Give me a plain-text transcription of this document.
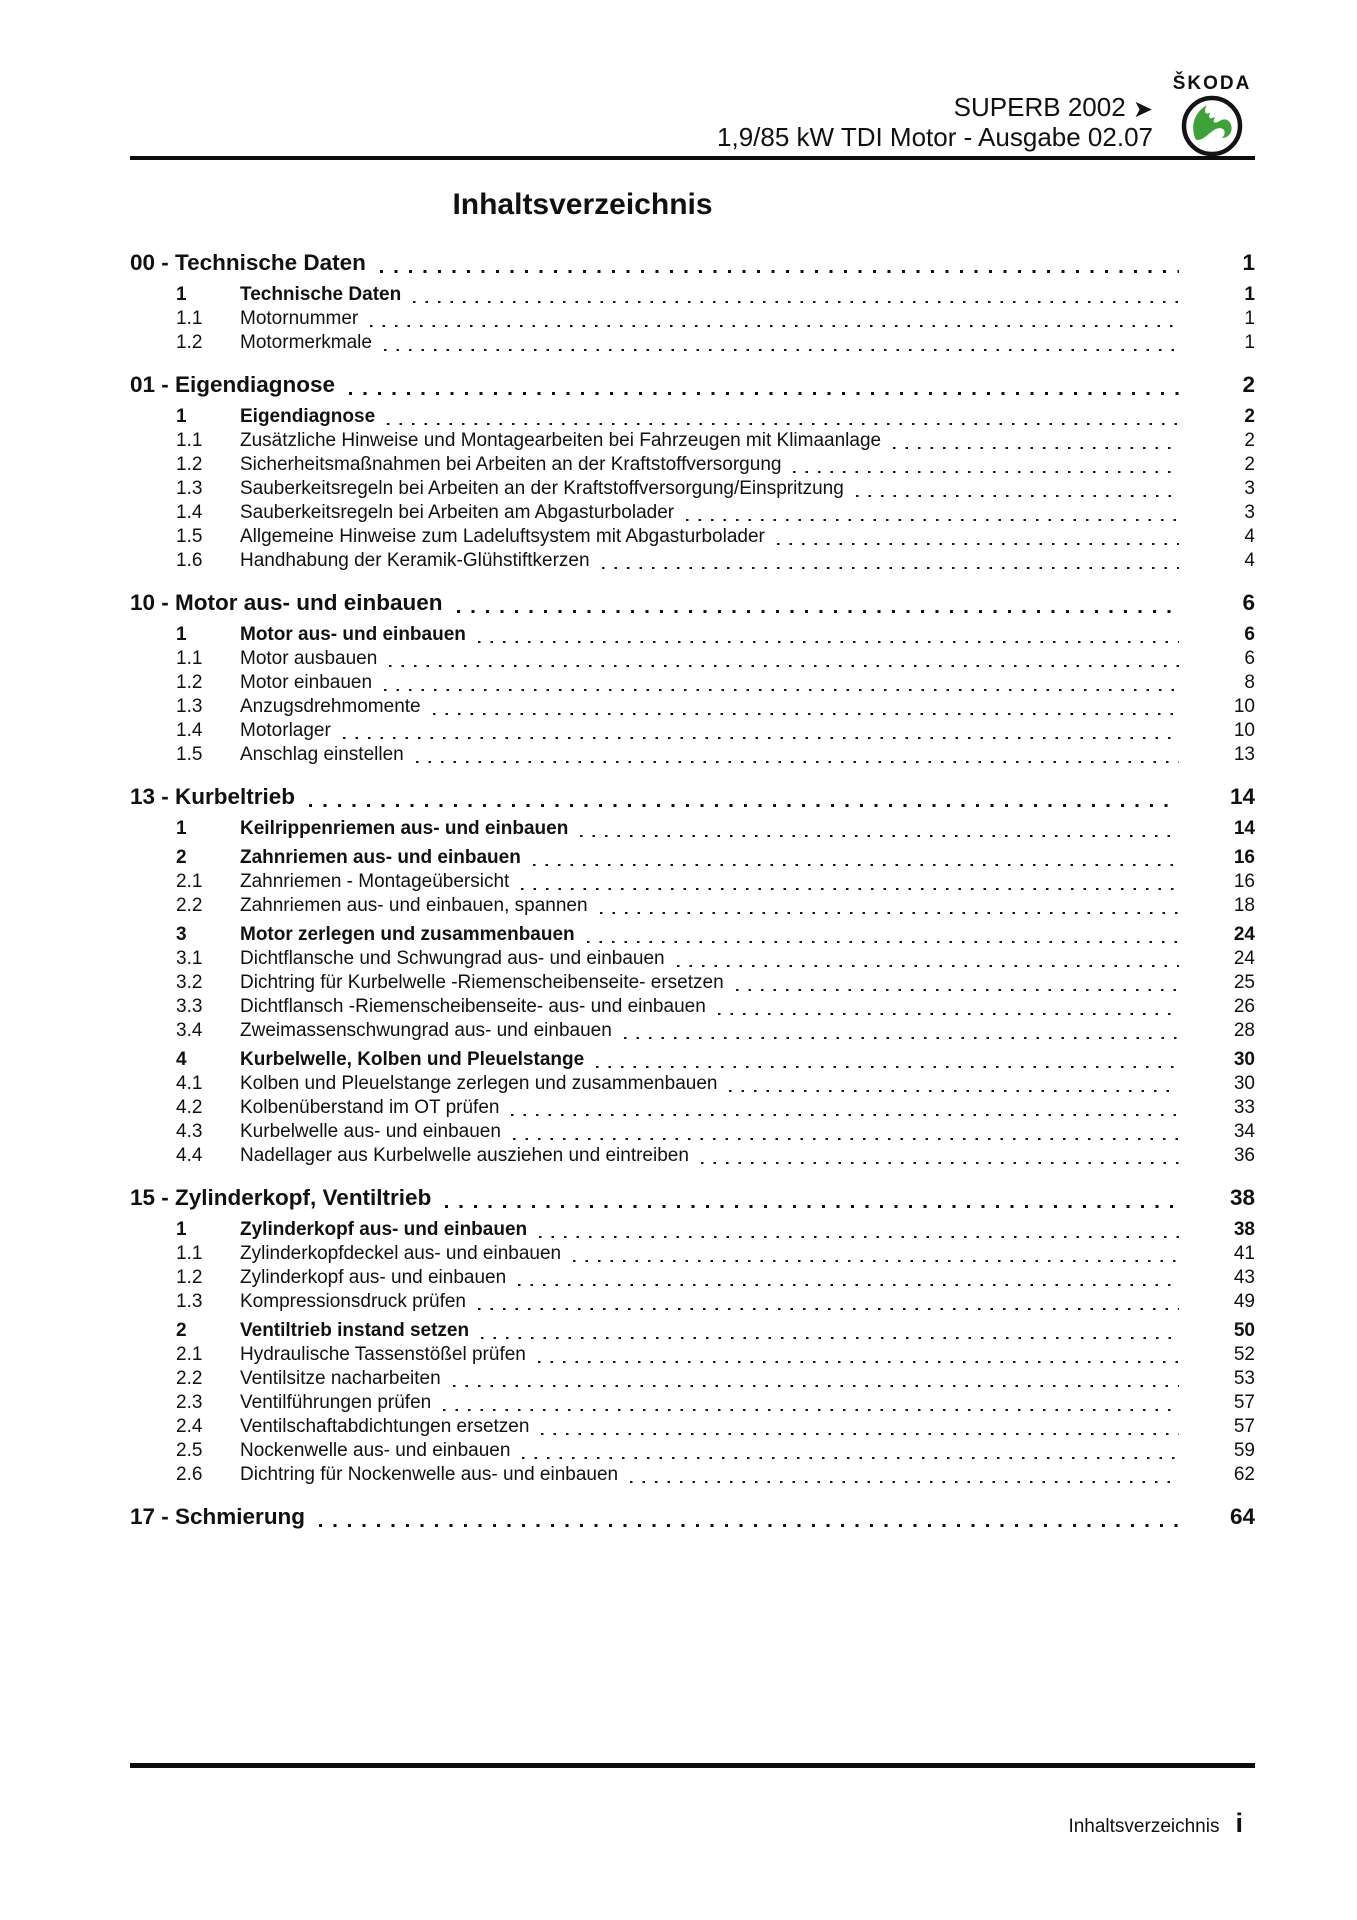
SUPERB 2002 ➤
1,9/85 kW TDI Motor - Ausgabe 02.07
ŠKODA
Inhaltsverzeichnis
00 - Technische Daten	1
1	Technische Daten	1
1.1	Motornummer	1
1.2	Motormerkmale	1
01 - Eigendiagnose	2
1	Eigendiagnose	2
1.1	Zusätzliche Hinweise und Montagearbeiten bei Fahrzeugen mit Klimaanlage	2
1.2	Sicherheitsmaßnahmen bei Arbeiten an der Kraftstoffversorgung	2
1.3	Sauberkeitsregeln bei Arbeiten an der Kraftstoffversorgung/Einspritzung	3
1.4	Sauberkeitsregeln bei Arbeiten am Abgasturbolader	3
1.5	Allgemeine Hinweise zum Ladeluftsystem mit Abgasturbolader	4
1.6	Handhabung der Keramik-Glühstiftkerzen	4
10 - Motor aus- und einbauen	6
1	Motor aus- und einbauen	6
1.1	Motor ausbauen	6
1.2	Motor einbauen	8
1.3	Anzugsdrehmomente	10
1.4	Motorlager	10
1.5	Anschlag einstellen	13
13 - Kurbeltrieb	14
1	Keilrippenriemen aus- und einbauen	14
2	Zahnriemen aus- und einbauen	16
2.1	Zahnriemen - Montageübersicht	16
2.2	Zahnriemen aus- und einbauen, spannen	18
3	Motor zerlegen und zusammenbauen	24
3.1	Dichtflansche und Schwungrad aus- und einbauen	24
3.2	Dichtring für Kurbelwelle -Riemenscheibenseite- ersetzen	25
3.3	Dichtflansch -Riemenscheibenseite- aus- und einbauen	26
3.4	Zweimassenschwungrad aus- und einbauen	28
4	Kurbelwelle, Kolben und Pleuelstange	30
4.1	Kolben und Pleuelstange zerlegen und zusammenbauen	30
4.2	Kolbenüberstand im OT prüfen	33
4.3	Kurbelwelle aus- und einbauen	34
4.4	Nadellager aus Kurbelwelle ausziehen und eintreiben	36
15 - Zylinderkopf, Ventiltrieb	38
1	Zylinderkopf aus- und einbauen	38
1.1	Zylinderkopfdeckel aus- und einbauen	41
1.2	Zylinderkopf aus- und einbauen	43
1.3	Kompressionsdruck prüfen	49
2	Ventiltrieb instand setzen	50
2.1	Hydraulische Tassenstößel prüfen	52
2.2	Ventilsitze nacharbeiten	53
2.3	Ventilführungen prüfen	57
2.4	Ventilschaftabdichtungen ersetzen	57
2.5	Nockenwelle aus- und einbauen	59
2.6	Dichtring für Nockenwelle aus- und einbauen	62
17 - Schmierung	64
Inhaltsverzeichnis i
